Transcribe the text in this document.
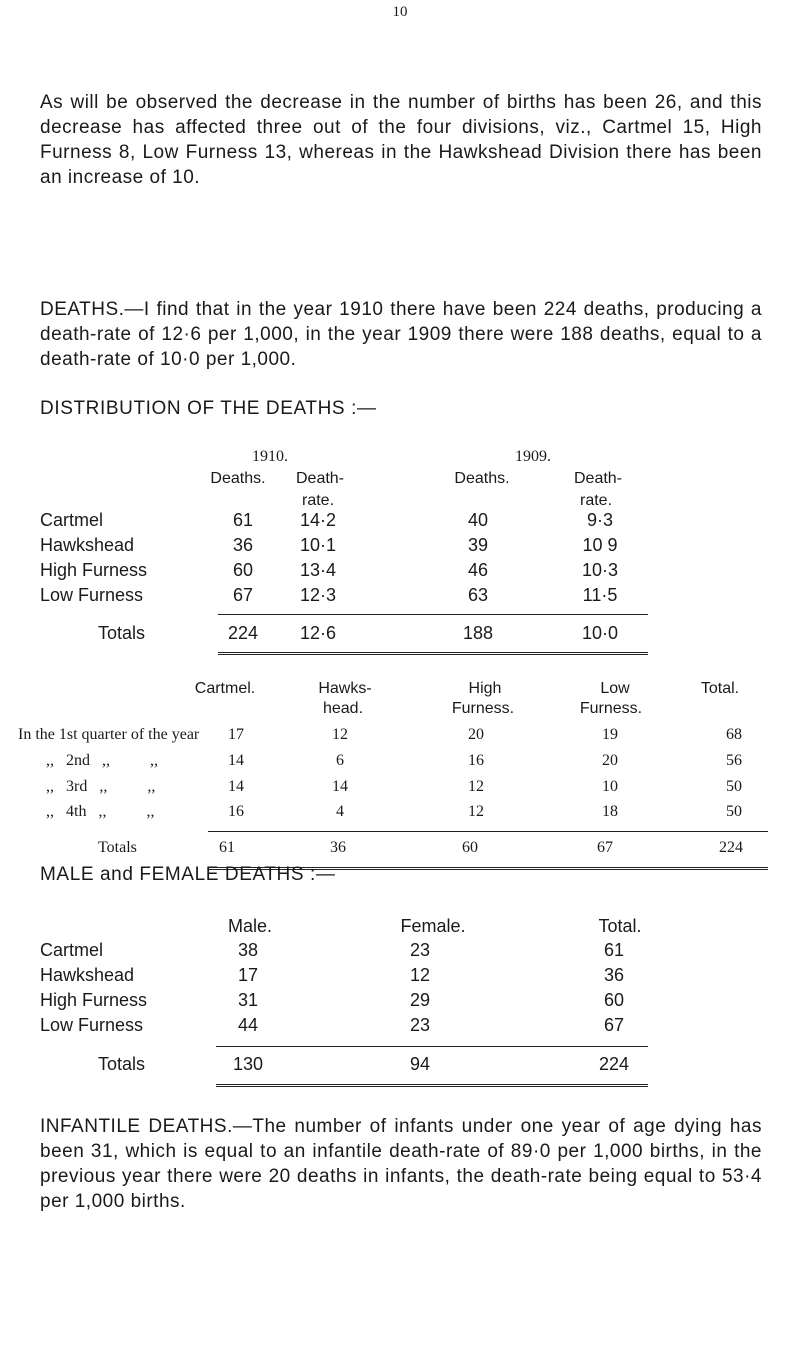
10
As will be observed the decrease in the number of births has been 26, and this decrease has affected three out of the four divisions, viz., Cartmel 15, High Furness 8, Low Furness 13, whereas in the Hawkshead Division there has been an increase of 10.
DEATHS.—I find that in the year 1910 there have been 224 deaths, producing a death-rate of 12·6 per 1,000, in the year 1909 there were 188 deaths, equal to a death-rate of 10·0 per 1,000.
DISTRIBUTION OF THE DEATHS :—
1910.	1909.
Deaths. Death-	Deaths.	Death-
rate.	rate.
Cartmel	61	14·2	40	9·3
Hawkshead	36	10·1	39	10 9
High Furness	60	13·4	46	10·3
Low Furness	67	12·3	63	11·5
Totals	224 12·6	188	10·0
Cartmel.	Hawks-	High	Low	Total.
head.	Furness.	Furness.
In the 1st quarter of the year 17	12	20	19	68
,,   2nd   ,,          ,,	14	6	16	20	56
,,   3rd   ,,          ,,	14	14	12	10	50
,,   4th   ,,          ,,	16	4	12	18	50
Totals	61	36	60	67	224
MALE and FEMALE DEATHS :—
Male.	Female.	Total.
Cartmel	38	23	61
Hawkshead	17	12	36
High Furness	31	29	60
Low Furness	44	23	67
Totals	130	94	224
INFANTILE DEATHS.—The number of infants under one year of age dying has been 31, which is equal to an infantile death-rate of 89·0 per 1,000 births, in the previous year there were 20 deaths in infants, the death-rate being equal to 53·4 per 1,000 births.
